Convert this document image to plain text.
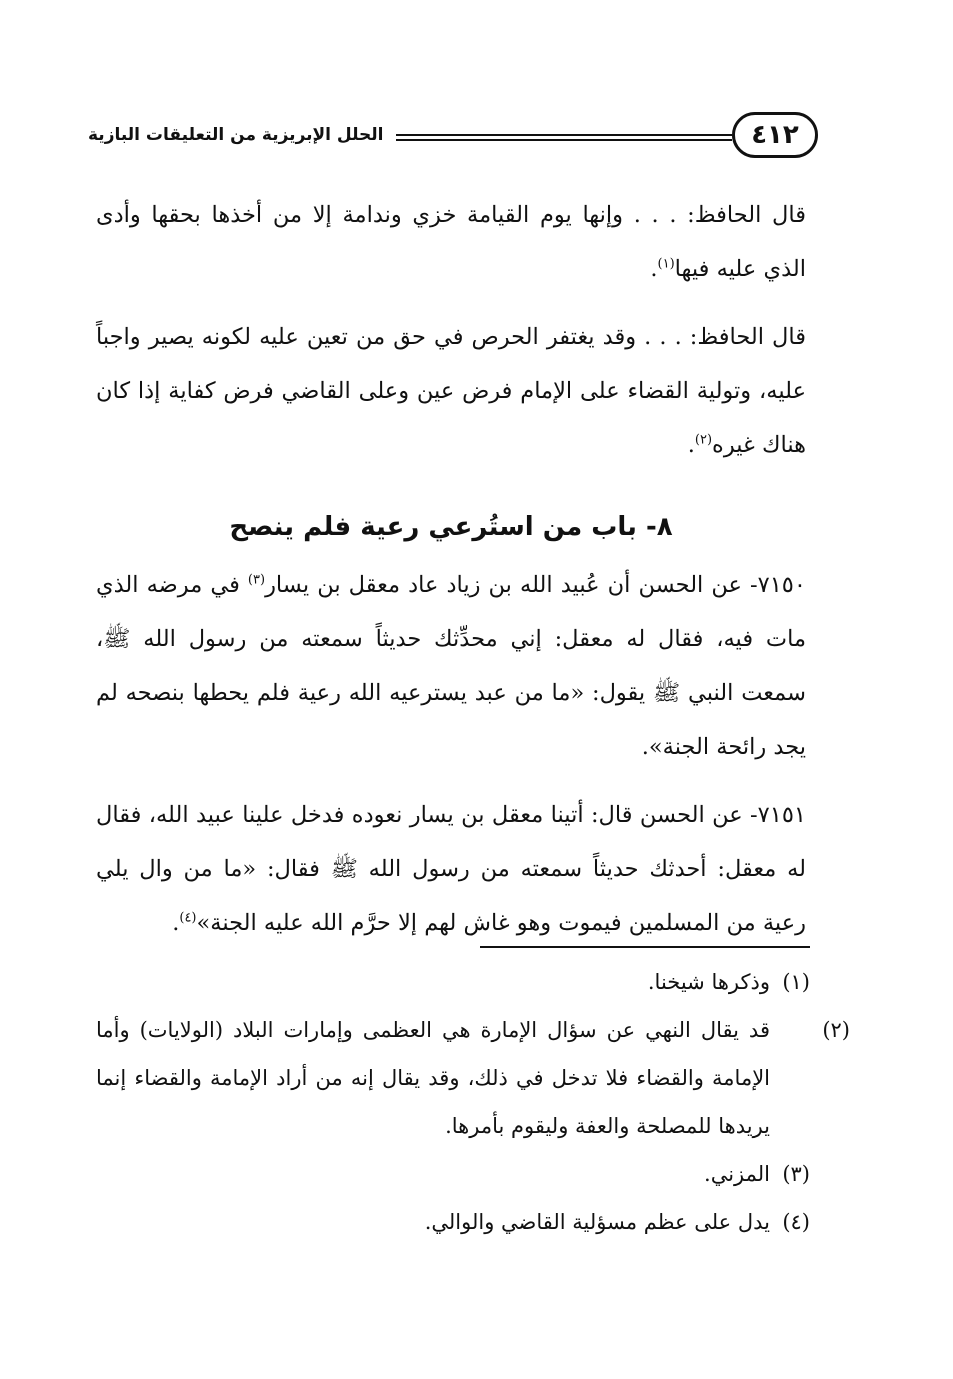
الحلل الإبريزية من التعليقات البازية	٤١٢

قال الحافظ: . . . وإنها يوم القيامة خزي وندامة إلا من أخذها بحقها وأدى الذي عليه فيها$^{(١)}$.

قال الحافظ: . . . وقد يغتفر الحرص في حق من تعين عليه لكونه يصير واجباً عليه، وتولية القضاء على الإمام فرض عين وعلى القاضي فرض كفاية إذا كان هناك غيره$^{(٢)}$.

٨- باب من استُرعي رعية فلم ينصح

٧١٥٠- عن الحسن أن عُبيد الله بن زياد عاد معقل بن يسار$^{(٣)}$ في مرضه الذي مات فيه، فقال له معقل: إني محدِّثك حديثاً سمعته من رسول الله ﷺ، سمعت النبي ﷺ يقول: «ما من عبد يسترعيه الله رعية فلم يحطها بنصحه لم يجد رائحة الجنة».

٧١٥١- عن الحسن قال: أتينا معقل بن يسار نعوده فدخل علينا عبيد الله، فقال له معقل: أحدثك حديثاً سمعته من رسول الله ﷺ فقال: «ما من وال يلي رعية من المسلمين فيموت وهو غاش لهم إلا حرَّم الله عليه الجنة»$^{(٤)}$.

(١)وذكرها شيخنا.

(٢)قد يقال النهي عن سؤال الإمارة هي العظمى وإمارات البلاد (الولايات) وأما الإمامة والقضاء فلا تدخل في ذلك، وقد يقال إنه من أراد الإمامة والقضاء إنما يريدها للمصلحة والعفة وليقوم بأمرها.

(٣)المزني.

(٤)يدل على عظم مسؤلية القاضي والوالي.
